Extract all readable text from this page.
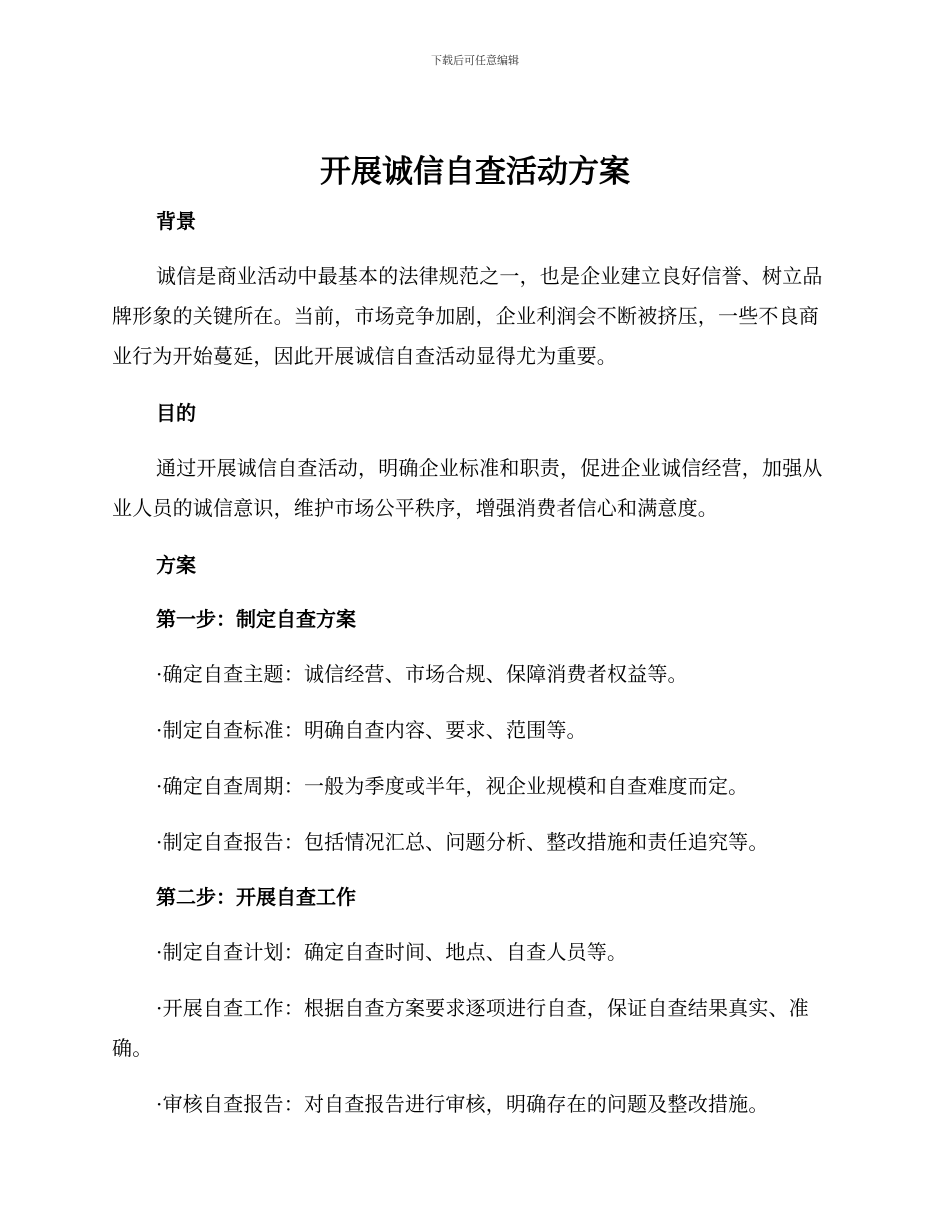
下载后可任意编辑
开展诚信自查活动方案

背景

诚信是商业活动中最基本的法律规范之一，也是企业建立良好信誉、树立品牌形象的关键所在。当前，市场竞争加剧，企业利润会不断被挤压，一些不良商业行为开始蔓延，因此开展诚信自查活动显得尤为重要。

目的

通过开展诚信自查活动，明确企业标准和职责，促进企业诚信经营，加强从业人员的诚信意识，维护市场公平秩序，增强消费者信心和满意度。

方案

第一步：制定自查方案

·确定自查主题：诚信经营、市场合规、保障消费者权益等。

·制定自查标准：明确自查内容、要求、范围等。

·确定自查周期：一般为季度或半年，视企业规模和自查难度而定。

·制定自查报告：包括情况汇总、问题分析、整改措施和责任追究等。

第二步：开展自查工作

·制定自查计划：确定自查时间、地点、自查人员等。

·开展自查工作：根据自查方案要求逐项进行自查，保证自查结果真实、准确。

·审核自查报告：对自查报告进行审核，明确存在的问题及整改措施。
